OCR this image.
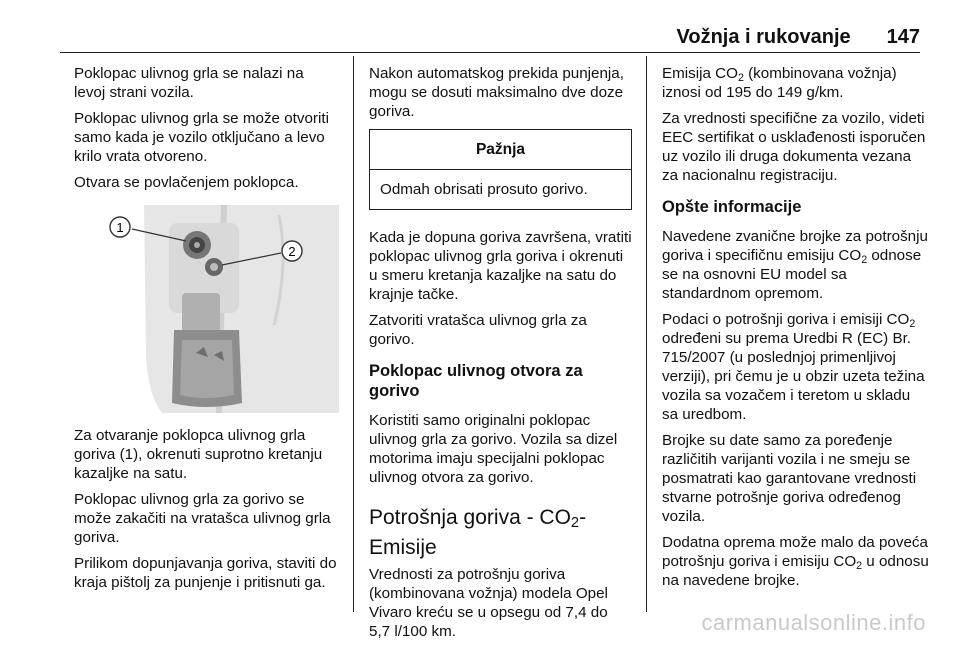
Vožnja i rukovanje 147

Poklopac ulivnog grla se nalazi na levoj strani vozila.

Poklopac ulivnog grla se može otvoriti samo kada je vozilo otključano a levo krilo vrata otvoreno.

Otvara se povlačenjem poklopca.

1
2

Za otvaranje poklopca ulivnog grla goriva (1), okrenuti suprotno kretanju kazaljke na satu.

Poklopac ulivnog grla za gorivo se može zakačiti na vratašca ulivnog grla goriva.

Prilikom dopunjavanja goriva, staviti do kraja pištolj za punjenje i pritisnuti ga.

Nakon automatskog prekida punjenja, mogu se dosuti maksimalno dve doze goriva.

Pažnja
Odmah obrisati prosuto gorivo.

Kada je dopuna goriva završena, vratiti poklopac ulivnog grla goriva i okrenuti u smeru kretanja kazaljke na satu do krajnje tačke.

Zatvoriti vratašca ulivnog grla za gorivo.

Poklopac ulivnog otvora za gorivo

Koristiti samo originalni poklopac ulivnog grla za gorivo. Vozila sa dizel motorima imaju specijalni poklopac ulivnog otvora za gorivo.

Potrošnja goriva - $CO_2-$
Emisije

Vrednosti za potrošnju goriva (kombinovana vožnja) modela Opel Vivaro kreću se u opsegu od 7,4 do 5,7 l/100 km.

Emisija $CO_2$ (kombinovana vožnja) iznosi od 195 do 149 g/km.

Za vrednosti specifične za vozilo, videti EEC sertifikat o usklađenosti isporučen uz vozilo ili druga dokumenta vezana za nacionalnu registraciju.

Opšte informacije

Navedene zvanične brojke za potrošnju goriva i specifičnu emisiju $CO_2$ odnose se na osnovni EU model sa standardnom opremom.

Podaci o potrošnji goriva i emisiji $CO_2$ određeni su prema Uredbi R (EC) Br. 715/2007 (u poslednjoj primenljivoj verziji), pri čemu je u obzir uzeta težina vozila sa vozačem i teretom u skladu sa uredbom.

Brojke su date samo za poređenje različitih varijanti vozila i ne smeju se posmatrati kao garantovane vrednosti stvarne potrošnje goriva određenog vozila.

Dodatna oprema može malo da poveća potrošnju goriva i emisiju $CO_2$ u odnosu na navedene brojke.

carmanualsonline.info
